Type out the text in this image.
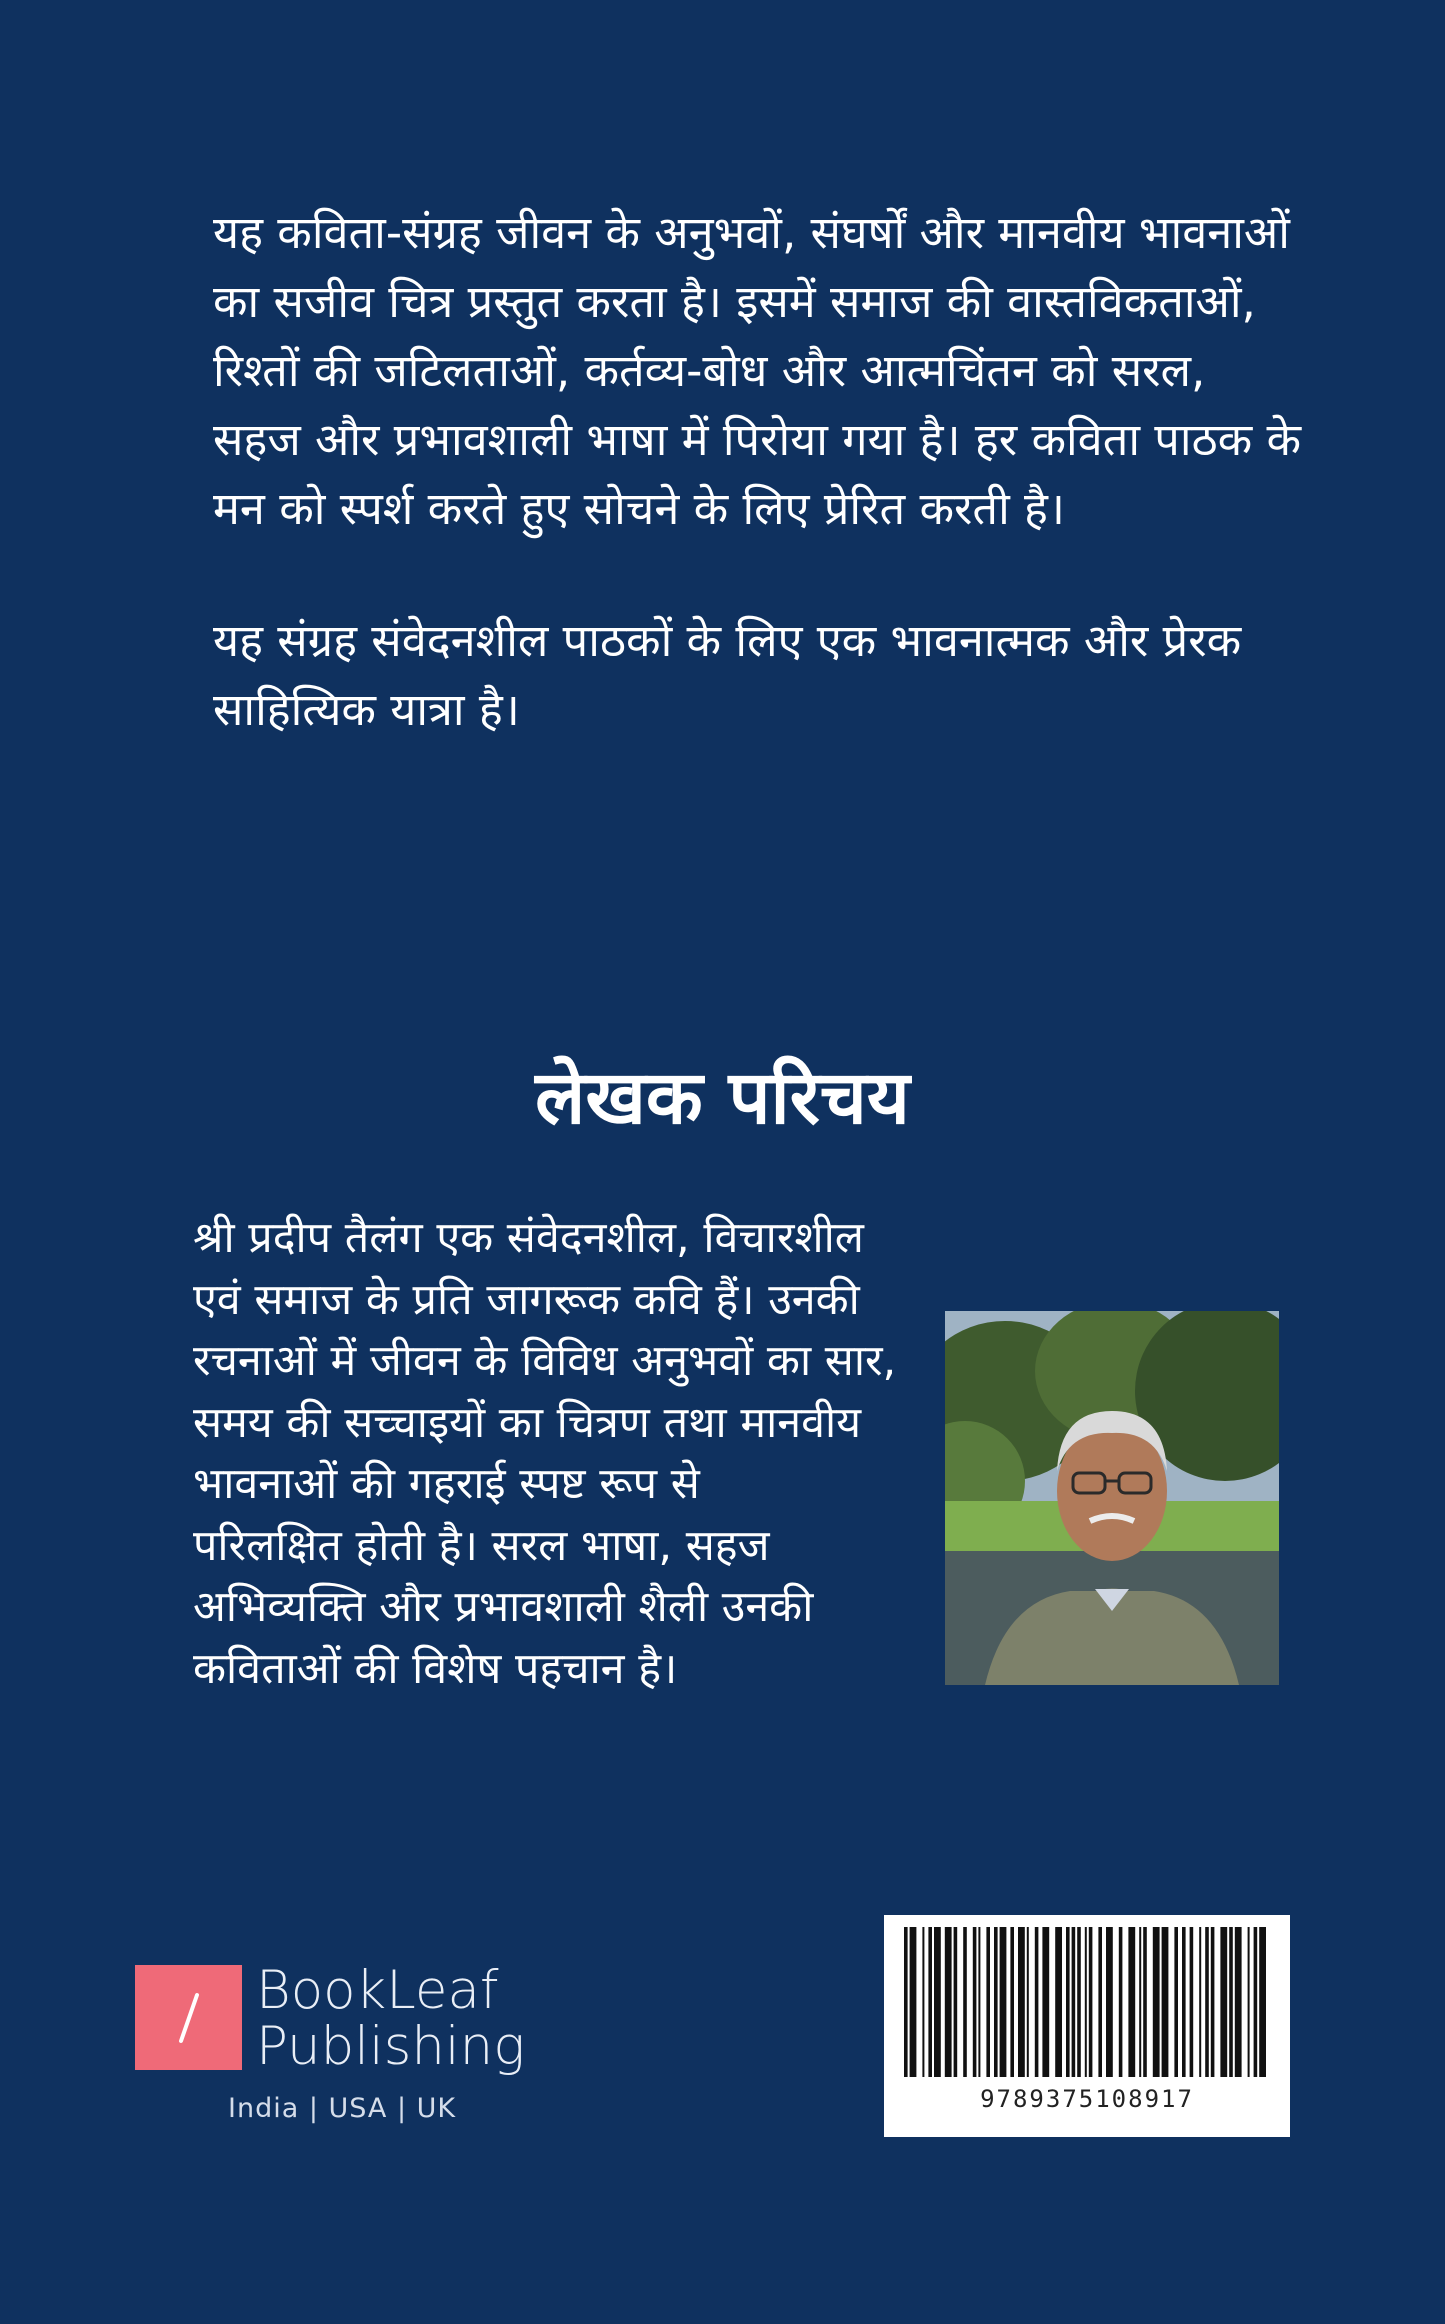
यह कविता-संग्रह जीवन के अनुभवों, संघर्षों और मानवीय भावनाओं
का सजीव चित्र प्रस्तुत करता है। इसमें समाज की वास्तविकताओं,
रिश्तों की जटिलताओं, कर्तव्य-बोध और आत्मचिंतन को सरल,
सहज और प्रभावशाली भाषा में पिरोया गया है। हर कविता पाठक के
मन को स्पर्श करते हुए सोचने के लिए प्रेरित करती है।

यह संग्रह संवेदनशील पाठकों के लिए एक भावनात्मक और प्रेरक
साहित्यिक यात्रा है।

लेखक परिचय

श्री प्रदीप तैलंग एक संवेदनशील, विचारशील
एवं समाज के प्रति जागरूक कवि हैं। उनकी
रचनाओं में जीवन के विविध अनुभवों का सार,
समय की सच्चाइयों का चित्रण तथा मानवीय
भावनाओं की गहराई स्पष्ट रूप से
परिलक्षित होती है। सरल भाषा, सहज
अभिव्यक्ति और प्रभावशाली शैली उनकी
कविताओं की विशेष पहचान है।

BookLeaf
Publishing
India | USA | UK	9789375108917
